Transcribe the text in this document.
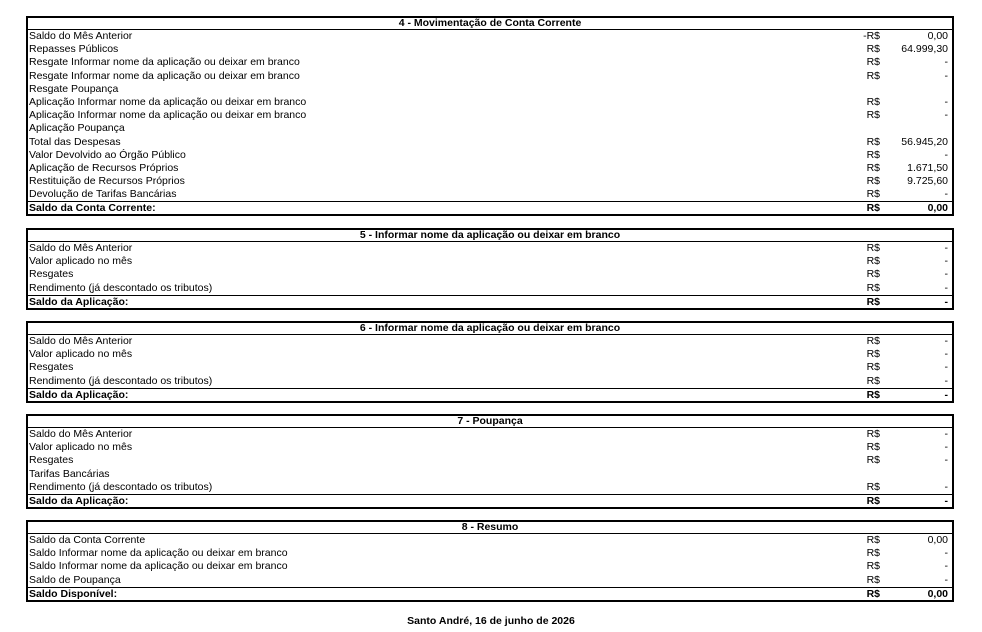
4 - Movimentação de Conta Corrente
Saldo do Mês Anterior	-R$	0,00
Repasses Públicos	R$ 64.999,30
Resgate Informar nome da aplicação ou deixar em branco	R$	-
Resgate Informar nome da aplicação ou deixar em branco	R$	-
Resgate Poupança
Aplicação Informar nome da aplicação ou deixar em branco	R$	-
Aplicação Informar nome da aplicação ou deixar em branco	R$	-
Aplicação Poupança
Total das Despesas	R$ 56.945,20
Valor Devolvido ao Órgão Público	R$	-
Aplicação de Recursos Próprios	R$	1.671,50
Restituição de Recursos Próprios	R$	9.725,60
Devolução de Tarifas Bancárias	R$	-
Saldo da Conta Corrente:	R$	0,00
5 - Informar nome da aplicação ou deixar em branco
Saldo do Mês Anterior	R$	-
Valor aplicado no mês	R$	-
Resgates	R$	-
Rendimento (já descontado os tributos)	R$	-
Saldo da Aplicação:	R$	-
6 - Informar nome da aplicação ou deixar em branco
Saldo do Mês Anterior	R$	-
Valor aplicado no mês	R$	-
Resgates	R$	-
Rendimento (já descontado os tributos)	R$	-
Saldo da Aplicação:	R$	-
7 - Poupança
Saldo do Mês Anterior	R$	-
Valor aplicado no mês	R$	-
Resgates	R$	-
Tarifas Bancárias
Rendimento (já descontado os tributos)	R$	-
Saldo da Aplicação:	R$	-
8 - Resumo
Saldo da Conta Corrente	R$	0,00
Saldo Informar nome da aplicação ou deixar em branco	R$	-
Saldo Informar nome da aplicação ou deixar em branco	R$	-
Saldo de Poupança	R$	-
Saldo Disponível:	R$	0,00
Santo André, 16 de junho de 2026
